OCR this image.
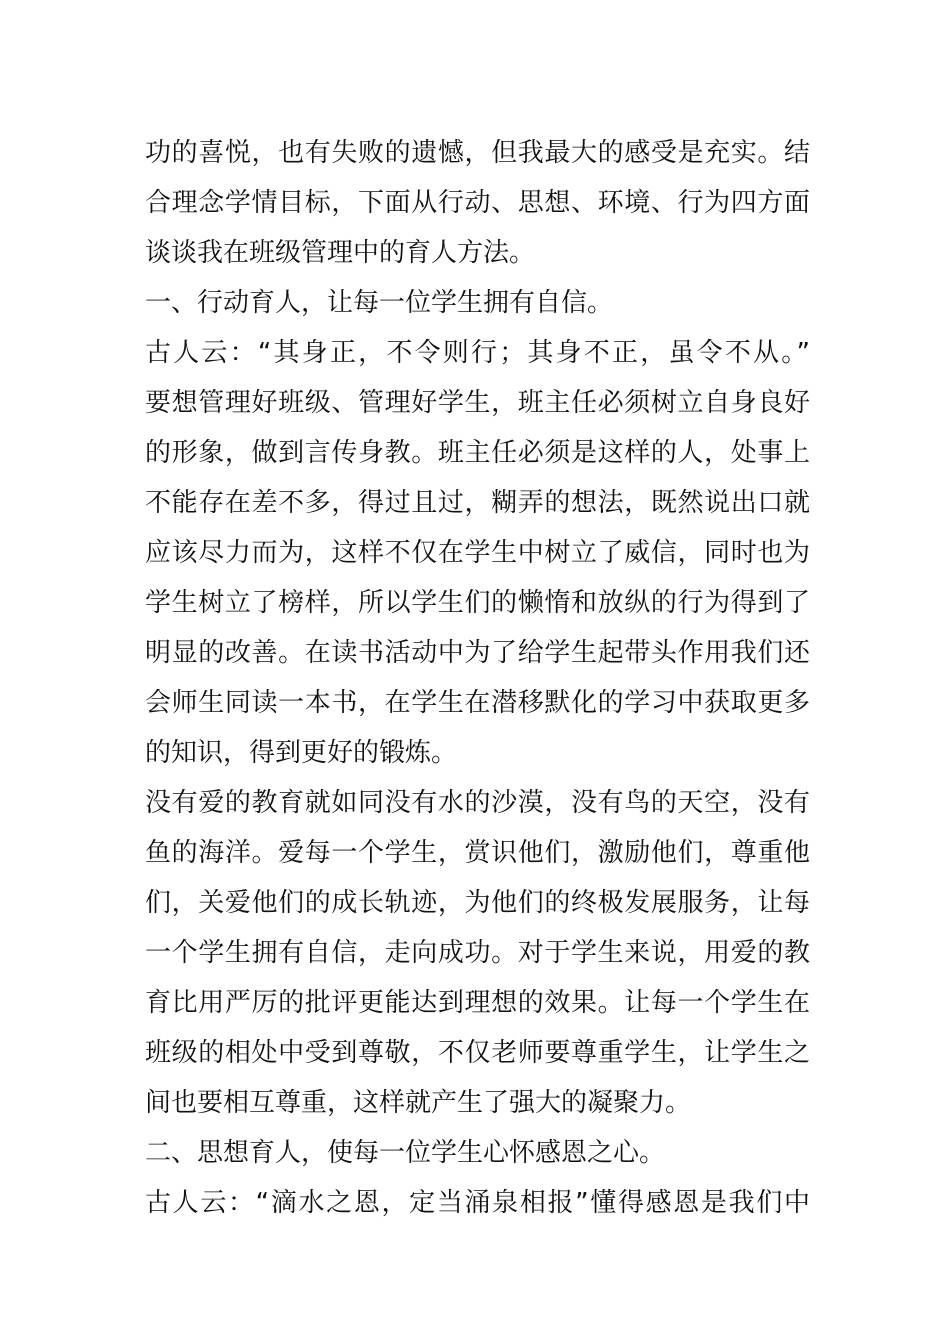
功的喜悦，也有失败的遗憾，但我最大的感受是充实。结
合理念学情目标，下面从行动、思想、环境、行为四方面
谈谈我在班级管理中的育人方法。
一、行动育人，让每一位学生拥有自信。
古人云：“其身正，不令则行；其身不正，虽令不从。”
要想管理好班级、管理好学生，班主任必须树立自身良好
的形象，做到言传身教。班主任必须是这样的人，处事上
不能存在差不多，得过且过，糊弄的想法，既然说出口就
应该尽力而为，这样不仅在学生中树立了威信，同时也为
学生树立了榜样，所以学生们的懒惰和放纵的行为得到了
明显的改善。在读书活动中为了给学生起带头作用我们还
会师生同读一本书，在学生在潜移默化的学习中获取更多
的知识，得到更好的锻炼。
没有爱的教育就如同没有水的沙漠，没有鸟的天空，没有
鱼的海洋。爱每一个学生，赏识他们，激励他们，尊重他
们，关爱他们的成长轨迹，为他们的终极发展服务，让每
一个学生拥有自信，走向成功。对于学生来说，用爱的教
育比用严厉的批评更能达到理想的效果。让每一个学生在
班级的相处中受到尊敬，不仅老师要尊重学生，让学生之
间也要相互尊重，这样就产生了强大的凝聚力。
二、思想育人，使每一位学生心怀感恩之心。
古人云：“滴水之恩，定当涌泉相报”懂得感恩是我们中
